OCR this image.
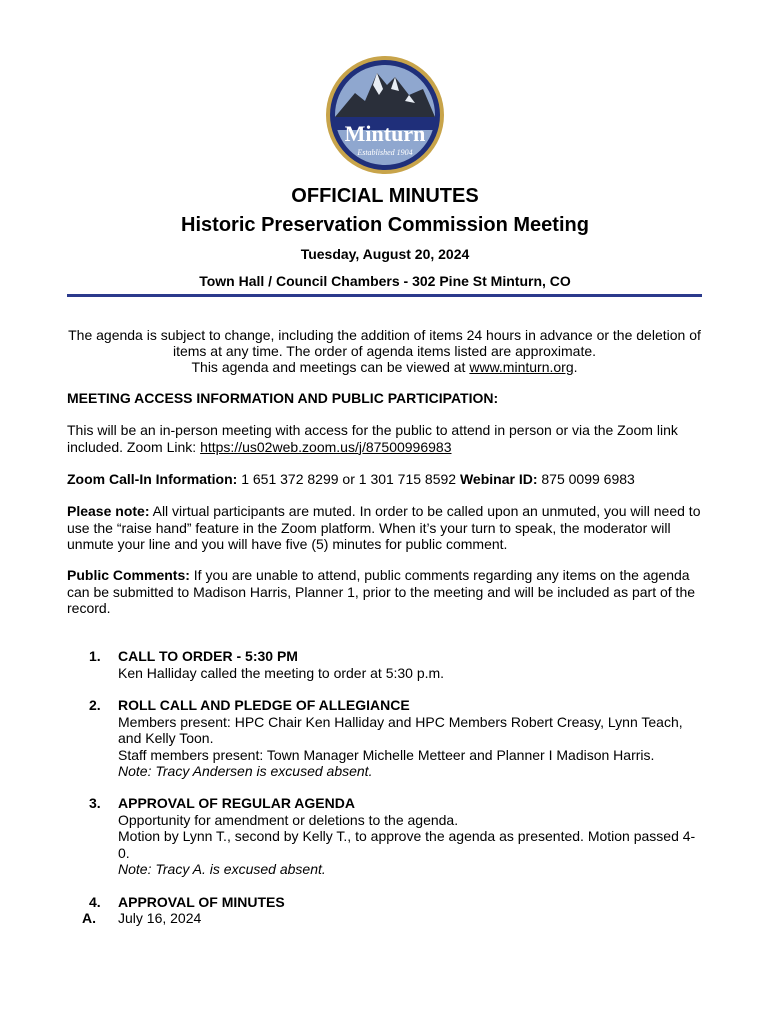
Minturn
Established 1904
OFFICIAL MINUTES
Historic Preservation Commission Meeting
Tuesday, August 20, 2024
Town Hall / Council Chambers - 302 Pine St Minturn, CO
The agenda is subject to change, including the addition of items 24 hours in advance or the deletion of
items at any time. The order of agenda items listed are approximate.
This agenda and meetings can be viewed at www.minturn.org.
MEETING ACCESS INFORMATION AND PUBLIC PARTICIPATION:
This will be an in-person meeting with access for the public to attend in person or via the Zoom link included. Zoom Link: https://us02web.zoom.us/j/87500996983
Zoom Call-In Information: 1 651 372 8299 or 1 301 715 8592 Webinar ID: 875 0099 6983
Please note: All virtual participants are muted. In order to be called upon an unmuted, you will need to use the “raise hand” feature in the Zoom platform. When it’s your turn to speak, the moderator will unmute your line and you will have five (5) minutes for public comment.
Public Comments: If you are unable to attend, public comments regarding any items on the agenda can be submitted to Madison Harris, Planner 1, prior to the meeting and will be included as part of the record.
1. CALL TO ORDER - 5:30 PM
Ken Halliday called the meeting to order at 5:30 p.m.
2. ROLL CALL AND PLEDGE OF ALLEGIANCE
Members present: HPC Chair Ken Halliday and HPC Members Robert Creasy, Lynn Teach, and Kelly Toon.
Staff members present: Town Manager Michelle Metteer and Planner I Madison Harris.
Note: Tracy Andersen is excused absent.
3. APPROVAL OF REGULAR AGENDA
Opportunity for amendment or deletions to the agenda.
Motion by Lynn T., second by Kelly T., to approve the agenda as presented. Motion passed 4-0.
Note: Tracy A. is excused absent.
4. APPROVAL OF MINUTES
A. July 16, 2024
